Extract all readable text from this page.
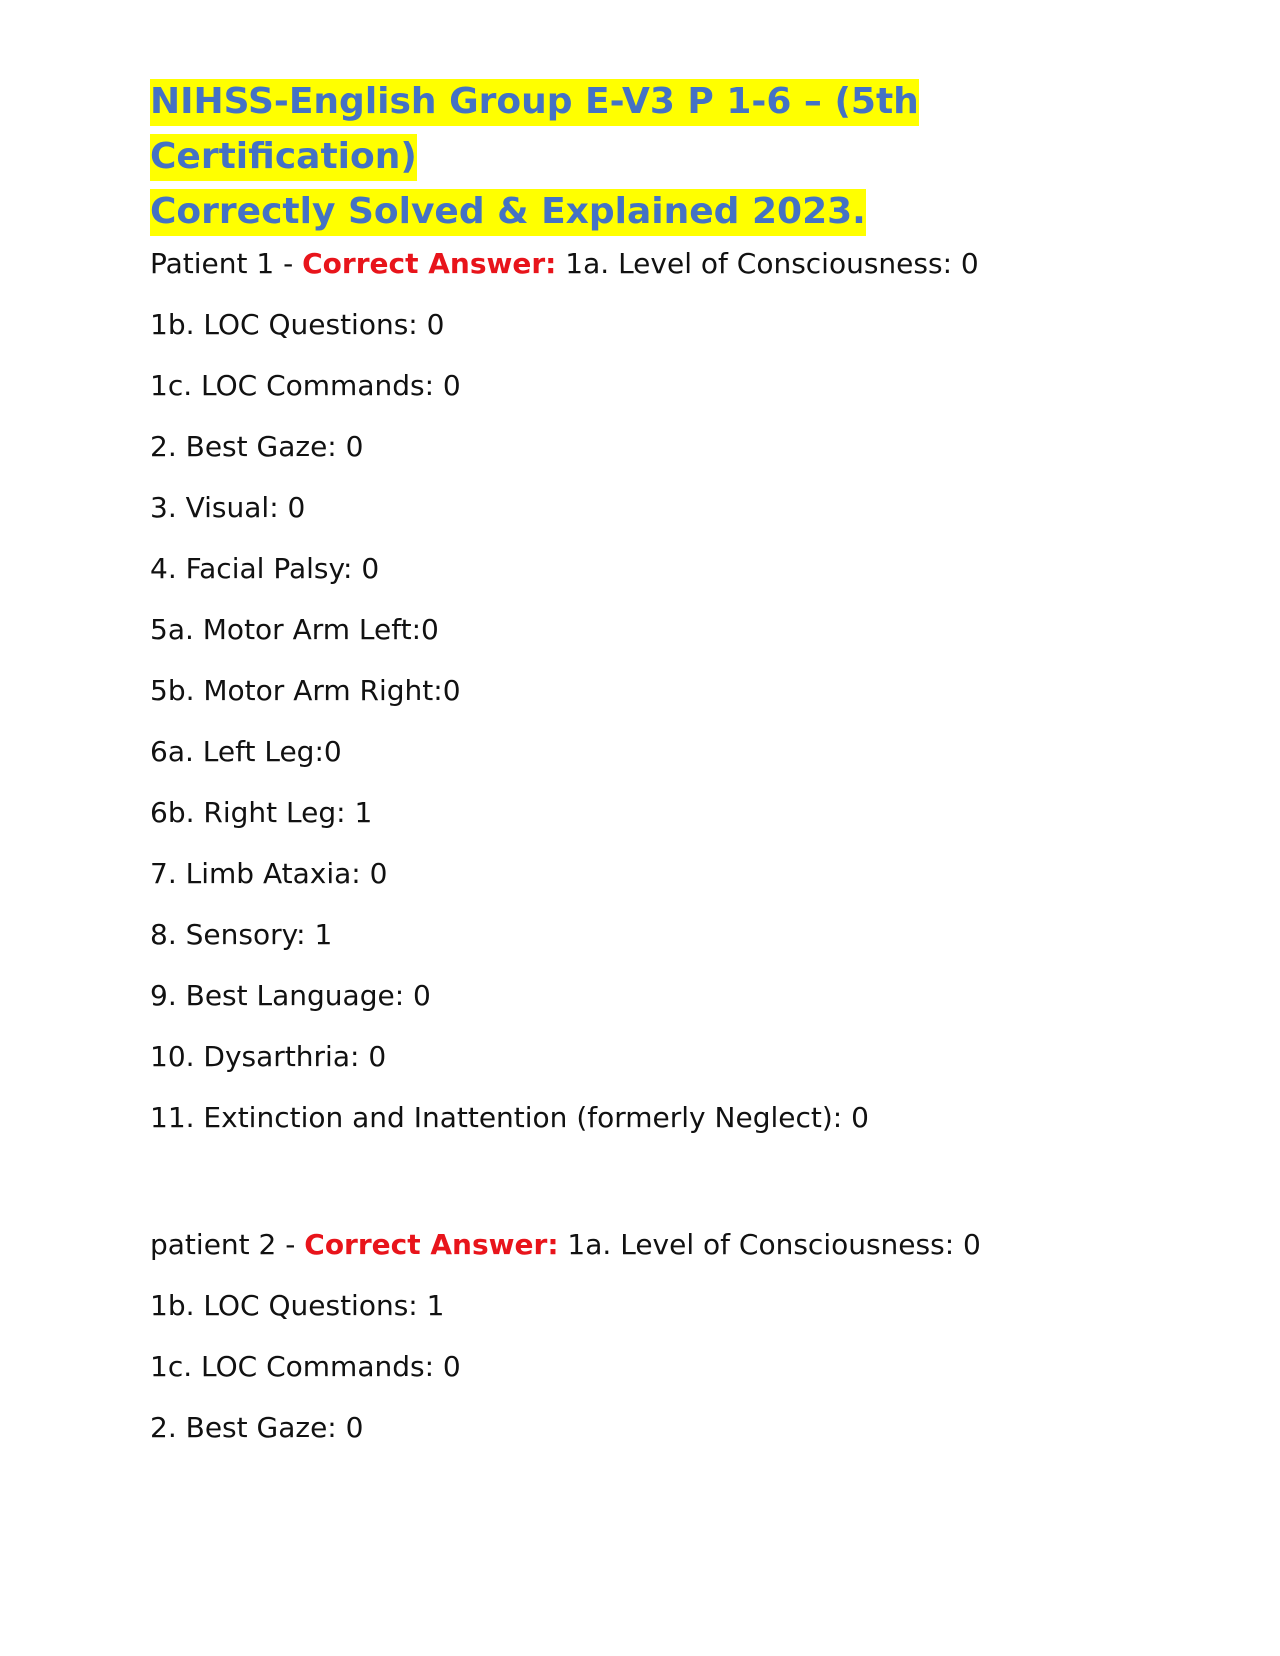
NIHSS-English Group E-V3 P 1-6 – (5th Certification)
Correctly Solved & Explained 2023.
Patient 1 - Correct Answer: 1a. Level of Consciousness: 0
1b. LOC Questions: 0
1c. LOC Commands: 0
2. Best Gaze: 0
3. Visual: 0
4. Facial Palsy: 0
5a. Motor Arm Left:0
5b. Motor Arm Right:0
6a. Left Leg:0
6b. Right Leg: 1
7. Limb Ataxia: 0
8. Sensory: 1
9. Best Language: 0
10. Dysarthria: 0
11. Extinction and Inattention (formerly Neglect): 0
patient 2 - Correct Answer: 1a. Level of Consciousness: 0
1b. LOC Questions: 1
1c. LOC Commands: 0
2. Best Gaze: 0
